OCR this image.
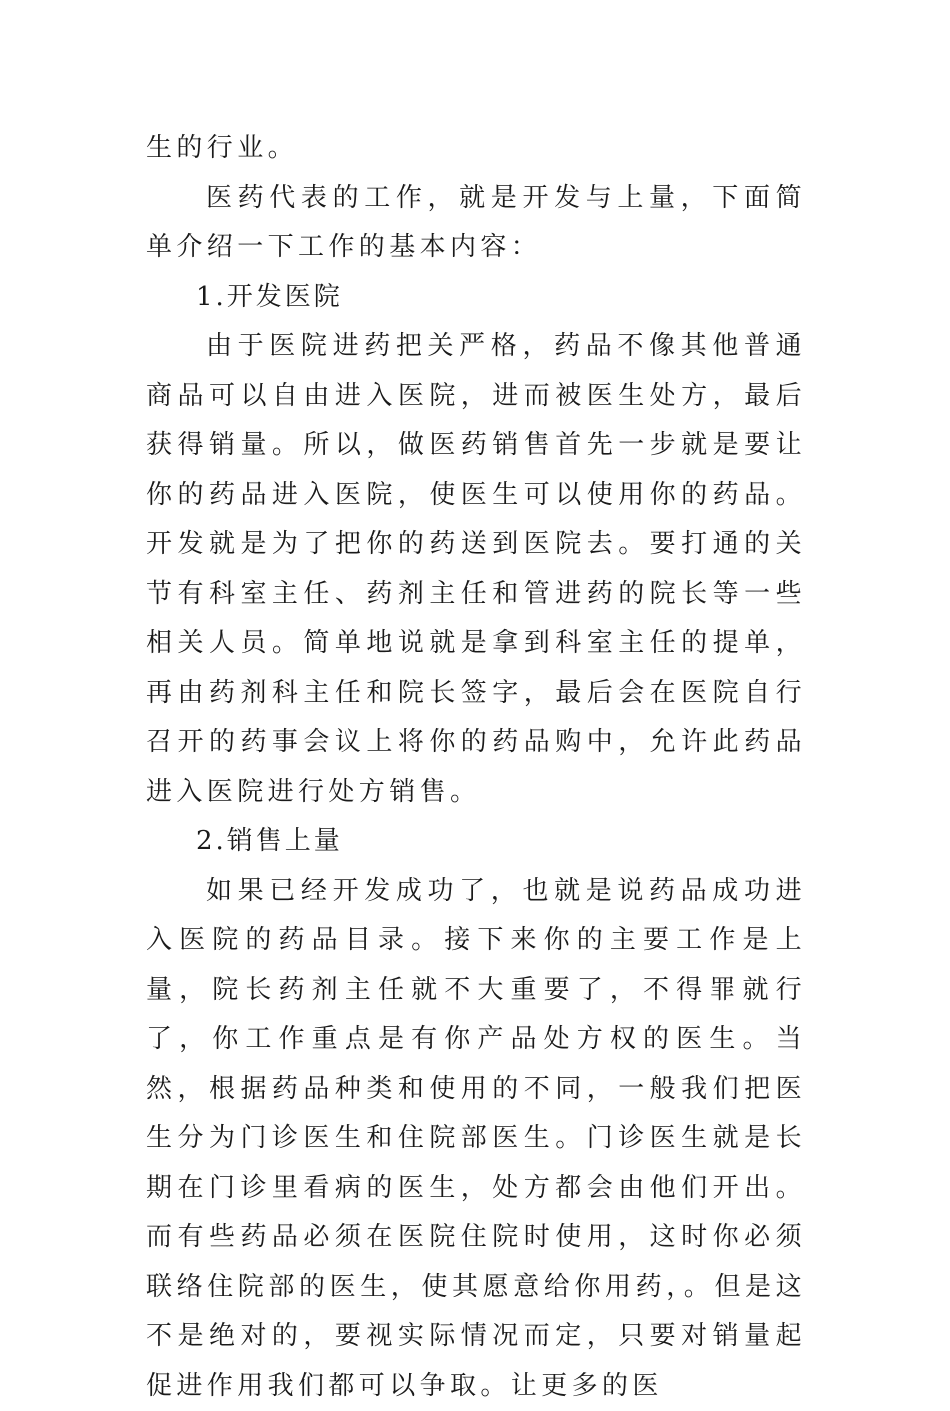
生的行业。

医药代表的工作，就是开发与上量，下面简单介绍一下工作的基本内容：

1.开发医院

由于医院进药把关严格，药品不像其他普通商品可以自由进入医院，进而被医生处方，最后获得销量。所以，做医药销售首先一步就是要让你的药品进入医院，使医生可以使用你的药品。开发就是为了把你的药送到医院去。要打通的关节有科室主任、药剂主任和管进药的院长等一些相关人员。简单地说就是拿到科室主任的提单，再由药剂科主任和院长签字，最后会在医院自行召开的药事会议上将你的药品购中，允许此药品进入医院进行处方销售。

2.销售上量

如果已经开发成功了，也就是说药品成功进入医院的药品目录。接下来你的主要工作是上量，院长药剂主任就不大重要了，不得罪就行了，你工作重点是有你产品处方权的医生。当然，根据药品种类和使用的不同，一般我们把医生分为门诊医生和住院部医生。门诊医生就是长期在门诊里看病的医生，处方都会由他们开出。而有些药品必须在医院住院时使用，这时你必须联络住院部的医生，使其愿意给你用药，。但是这不是绝对的，要视实际情况而定，只要对销量起促进作用我们都可以争取。让更多的医
